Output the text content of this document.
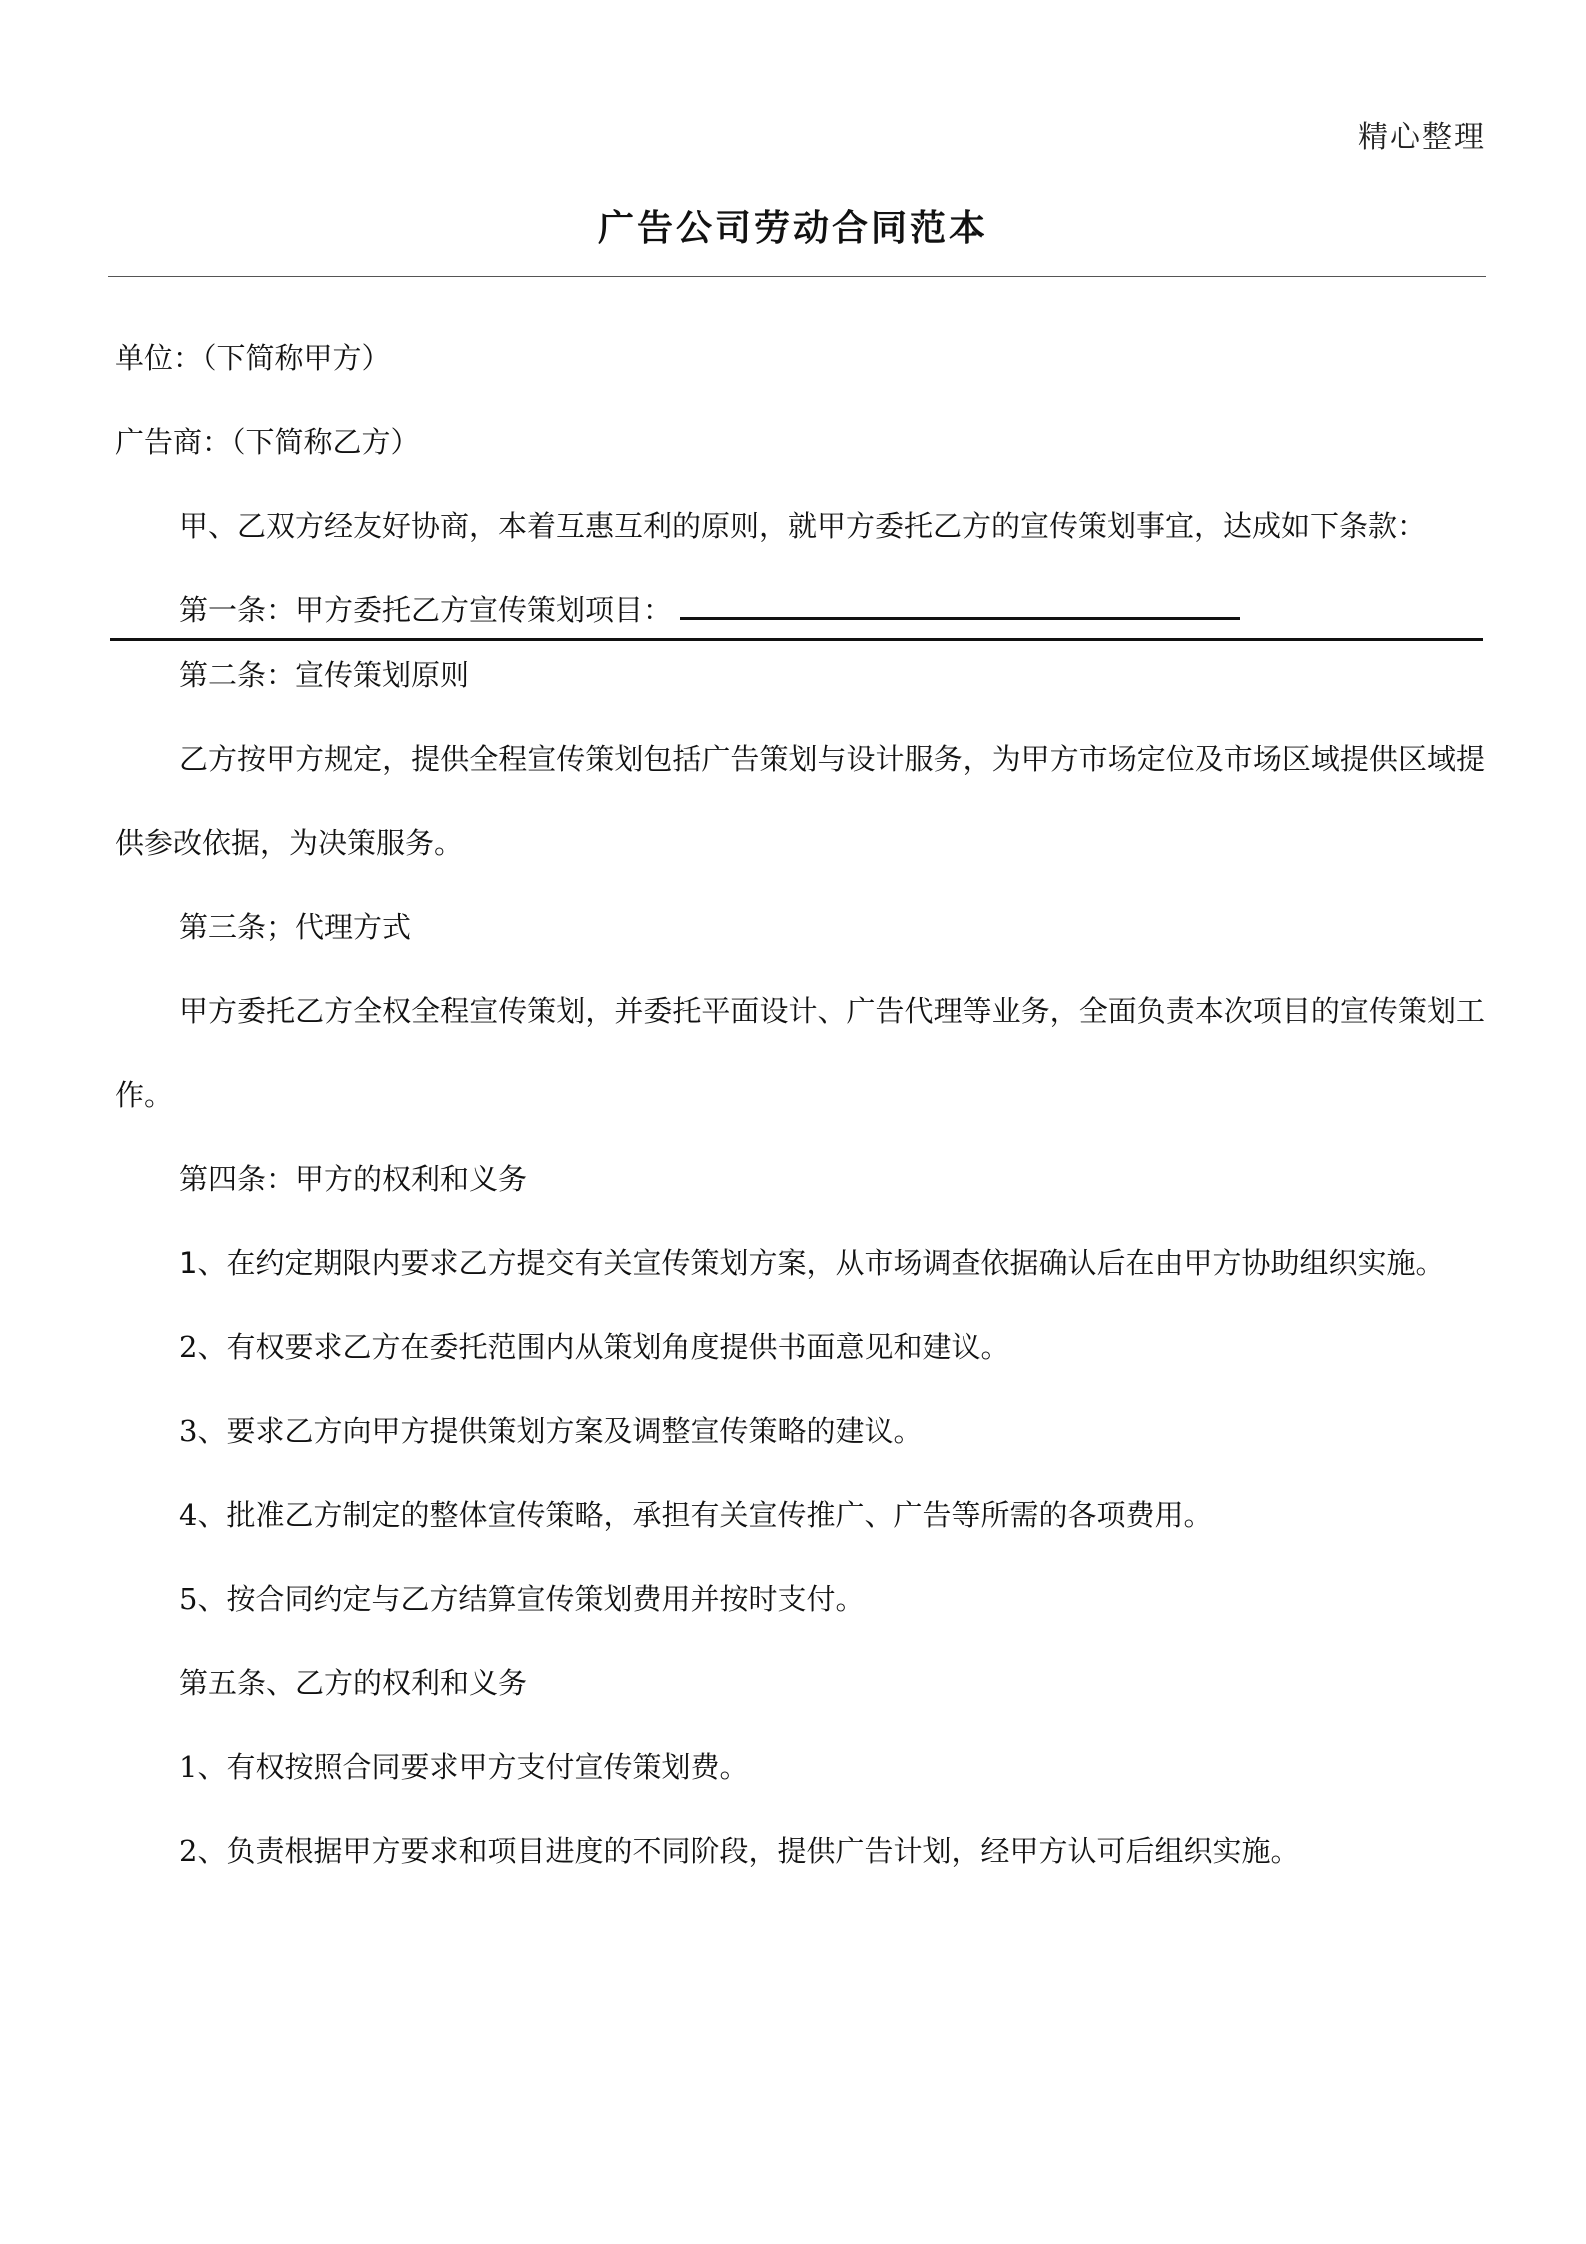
精心整理
广告公司劳动合同范本

单位：（下简称甲方）

广告商：（下简称乙方）

甲、乙双方经友好协商，本着互惠互利的原则，就甲方委托乙方的宣传策划事宜，达成如下条款：

第一条：甲方委托乙方宣传策划项目：

第二条：宣传策划原则

乙方按甲方规定，提供全程宣传策划包括广告策划与设计服务，为甲方市场定位及市场区域提供区域提供参改依据，为决策服务。

第三条；代理方式

甲方委托乙方全权全程宣传策划，并委托平面设计、广告代理等业务，全面负责本次项目的宣传策划工作。

第四条：甲方的权利和义务

1、在约定期限内要求乙方提交有关宣传策划方案，从市场调查依据确认后在由甲方协助组织实施。

2、有权要求乙方在委托范围内从策划角度提供书面意见和建议。

3、要求乙方向甲方提供策划方案及调整宣传策略的建议。

4、批准乙方制定的整体宣传策略，承担有关宣传推广、广告等所需的各项费用。

5、按合同约定与乙方结算宣传策划费用并按时支付。

第五条、乙方的权利和义务

1、有权按照合同要求甲方支付宣传策划费。

2、负责根据甲方要求和项目进度的不同阶段，提供广告计划，经甲方认可后组织实施。
